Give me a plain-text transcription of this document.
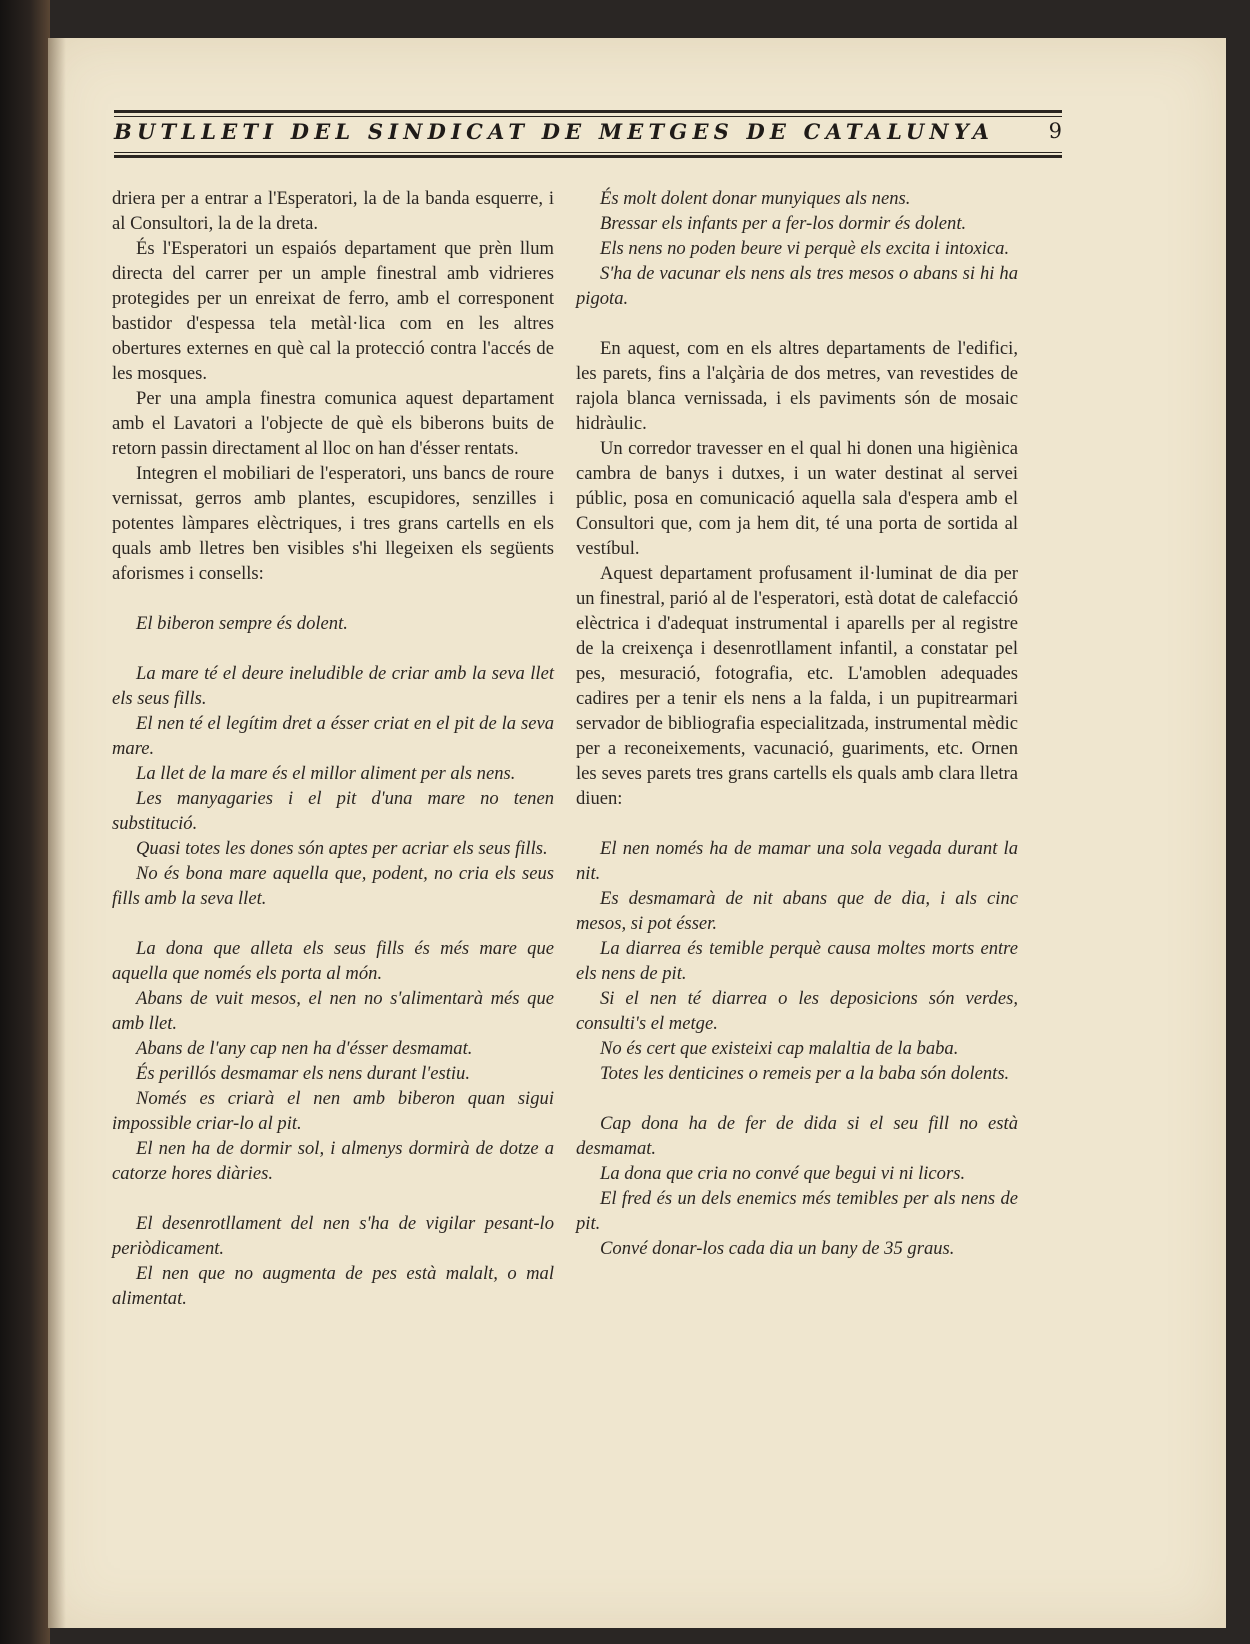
BUTLLETI DEL SINDICAT DE METGES DE CATALUNYA	9

driera per a entrar a l'Esperatori, la de la banda esquerre, i al Consultori, la de la dreta.

És l'Esperatori un espaiós departament que prèn llum directa del carrer per un ample finestral amb vidrieres protegides per un enreixat de ferro, amb el corresponent bastidor d'espessa tela metàl·lica com en les altres obertures externes en què cal la protecció contra l'accés de les mosques.

Per una ampla finestra comunica aquest departament amb el Lavatori a l'objecte de què els biberons buits de retorn passin directament al lloc on han d'ésser rentats.

Integren el mobiliari de l'esperatori, uns bancs de roure vernissat, gerros amb plantes, escupidores, senzilles i potentes làmpares elèctriques, i tres grans cartells en els quals amb lletres ben visibles s'hi llegeixen els següents aforismes i consells:

El biberon sempre és dolent.

La mare té el deure ineludible de criar amb la seva llet els seus fills.

El nen té el legítim dret a ésser criat en el pit de la seva mare.

La llet de la mare és el millor aliment per als nens.

Les manyagaries i el pit d'una mare no tenen substitució.

Quasi totes les dones són aptes per acriar els seus fills.

No és bona mare aquella que, podent, no cria els seus fills amb la seva llet.

La dona que alleta els seus fills és més mare que aquella que només els porta al món.

Abans de vuit mesos, el nen no s'alimentarà més que amb llet.

Abans de l'any cap nen ha d'ésser desmamat.

És perillós desmamar els nens durant l'estiu.

Només es criarà el nen amb biberon quan sigui impossible criar-lo al pit.

El nen ha de dormir sol, i almenys dormirà de dotze a catorze hores diàries.

El desenrotllament del nen s'ha de vigilar pesant-lo periòdicament.

El nen que no augmenta de pes està malalt, o mal alimentat.

És molt dolent donar munyiques als nens.

Bressar els infants per a fer-los dormir és dolent.

Els nens no poden beure vi perquè els excita i intoxica.

S'ha de vacunar els nens als tres mesos o abans si hi ha pigota.

En aquest, com en els altres departaments de l'edifici, les parets, fins a l'alçària de dos metres, van revestides de rajola blanca vernissada, i els paviments són de mosaic hidràulic.

Un corredor travesser en el qual hi donen una higiènica cambra de banys i dutxes, i un water destinat al servei públic, posa en comunicació aquella sala d'espera amb el Consultori que, com ja hem dit, té una porta de sortida al vestíbul.

Aquest departament profusament il·luminat de dia per un finestral, parió al de l'esperatori, està dotat de calefacció elèctrica i d'adequat instrumental i aparells per al registre de la creixença i desenrotllament infantil, a constatar pel pes, mesuració, fotografia, etc. L'amoblen adequades cadires per a tenir els nens a la falda, i un pupitrearmari servador de bibliografia especialitzada, instrumental mèdic per a reconeixements, vacunació, guariments, etc. Ornen les seves parets tres grans cartells els quals amb clara lletra diuen:

El nen només ha de mamar una sola vegada durant la nit.

Es desmamarà de nit abans que de dia, i als cinc mesos, si pot ésser.

La diarrea és temible perquè causa moltes morts entre els nens de pit.

Si el nen té diarrea o les deposicions són verdes, consulti's el metge.

No és cert que existeixi cap malaltia de la baba.

Totes les denticines o remeis per a la baba són dolents.

Cap dona ha de fer de dida si el seu fill no està desmamat.

La dona que cria no convé que begui vi ni licors.

El fred és un dels enemics més temibles per als nens de pit.

Convé donar-los cada dia un bany de 35 graus.
